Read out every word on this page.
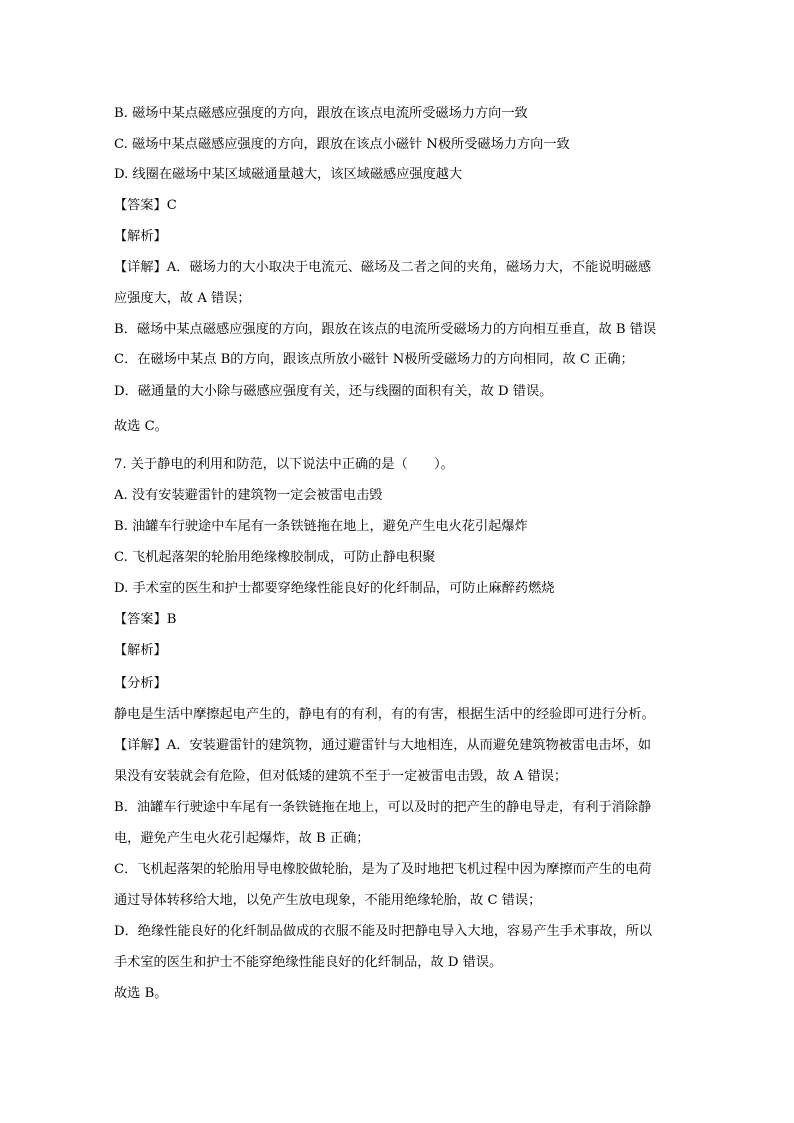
B. 磁场中某点磁感应强度的方向，跟放在该点电流所受磁场力方向一致
C. 磁场中某点磁感应强度的方向，跟放在该点小磁针 N极所受磁场力方向一致
D. 线圈在磁场中某区域磁通量越大，该区域磁感应强度越大
【答案】C
【解析】
【详解】A．磁场力的大小取决于电流元、磁场及二者之间的夹角，磁场力大，不能说明磁感
应强度大，故 A 错误；
B．磁场中某点磁感应强度的方向，跟放在该点的电流所受磁场力的方向相互垂直，故 B 错误
C．在磁场中某点 B的方向，跟该点所放小磁针 N极所受磁场力的方向相同，故 C 正确；
D．磁通量的大小除与磁感应强度有关，还与线圈的面积有关，故 D 错误。
故选 C。
7. 关于静电的利用和防范，以下说法中正确的是（　　）。
A. 没有安装避雷针的建筑物一定会被雷电击毁
B. 油罐车行驶途中车尾有一条铁链拖在地上，避免产生电火花引起爆炸
C. 飞机起落架的轮胎用绝缘橡胶制成，可防止静电积聚
D. 手术室的医生和护士都要穿绝缘性能良好的化纤制品，可防止麻醉药燃烧
【答案】B
【解析】
【分析】
静电是生活中摩擦起电产生的，静电有的有利，有的有害，根据生活中的经验即可进行分析。
【详解】A．安装避雷针的建筑物，通过避雷针与大地相连，从而避免建筑物被雷电击坏，如
果没有安装就会有危险，但对低矮的建筑不至于一定被雷电击毁，故 A 错误；
B．油罐车行驶途中车尾有一条铁链拖在地上，可以及时的把产生的静电导走，有利于消除静
电，避免产生电火花引起爆炸，故 B 正确；
C．飞机起落架的轮胎用导电橡胶做轮胎，是为了及时地把飞机过程中因为摩擦而产生的电荷
通过导体转移给大地，以免产生放电现象，不能用绝缘轮胎，故 C 错误；
D．绝缘性能良好的化纤制品做成的衣服不能及时把静电导入大地，容易产生手术事故，所以
手术室的医生和护士不能穿绝缘性能良好的化纤制品，故 D 错误。
故选 B。
